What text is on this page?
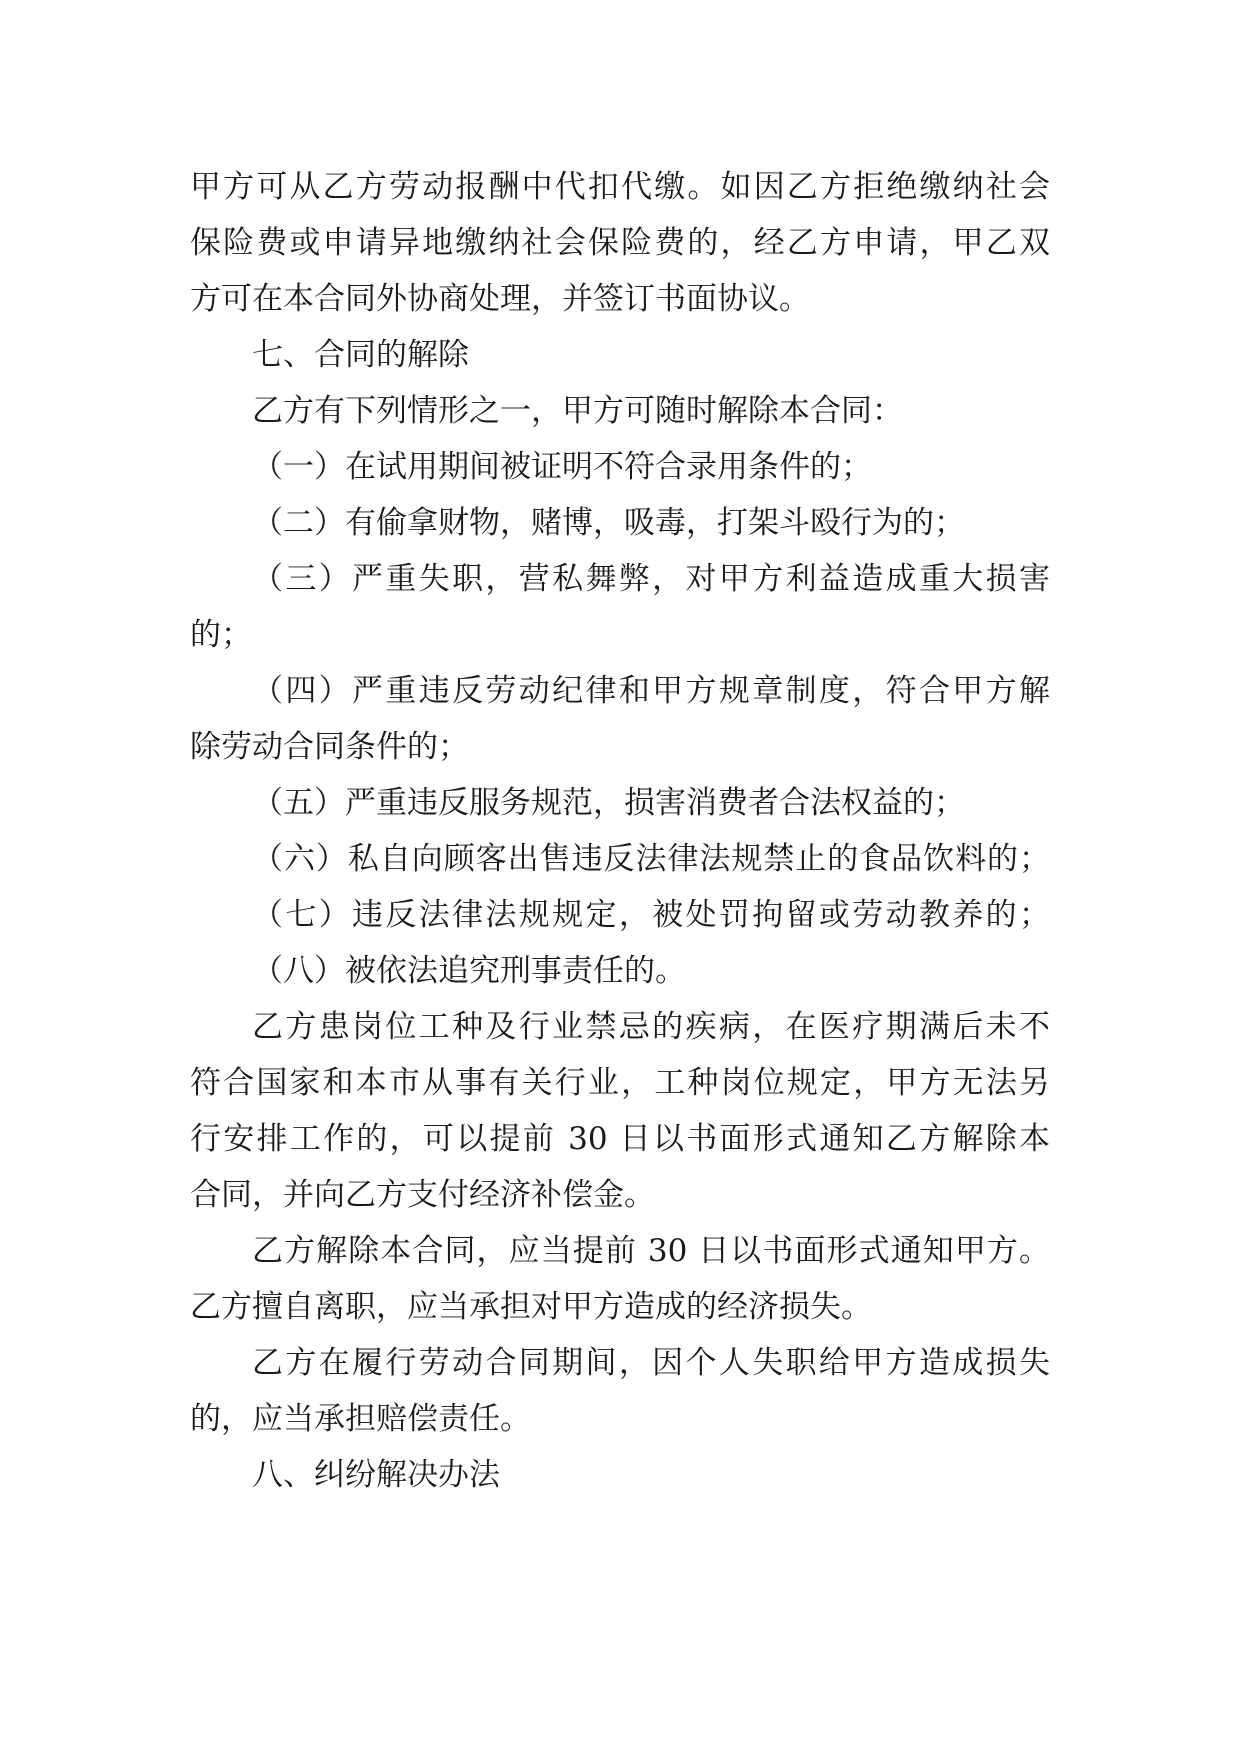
甲方可从乙方劳动报酬中代扣代缴。如因乙方拒绝缴纳社会
保险费或申请异地缴纳社会保险费的，经乙方申请，甲乙双
方可在本合同外协商处理，并签订书面协议。
七、合同的解除
乙方有下列情形之一，甲方可随时解除本合同：
（一）在试用期间被证明不符合录用条件的；
（二）有偷拿财物，赌博，吸毒，打架斗殴行为的；
（三）严重失职，营私舞弊，对甲方利益造成重大损害
的；
（四）严重违反劳动纪律和甲方规章制度，符合甲方解
除劳动合同条件的；
（五）严重违反服务规范，损害消费者合法权益的；
（六）私自向顾客出售违反法律法规禁止的食品饮料的；
（七）违反法律法规规定，被处罚拘留或劳动教养的；
（八）被依法追究刑事责任的。
乙方患岗位工种及行业禁忌的疾病，在医疗期满后未不
符合国家和本市从事有关行业，工种岗位规定，甲方无法另
行安排工作的，可以提前 30 日以书面形式通知乙方解除本
合同，并向乙方支付经济补偿金。
乙方解除本合同，应当提前 30 日以书面形式通知甲方。
乙方擅自离职，应当承担对甲方造成的经济损失。
乙方在履行劳动合同期间，因个人失职给甲方造成损失
的，应当承担赔偿责任。
八、纠纷解决办法
